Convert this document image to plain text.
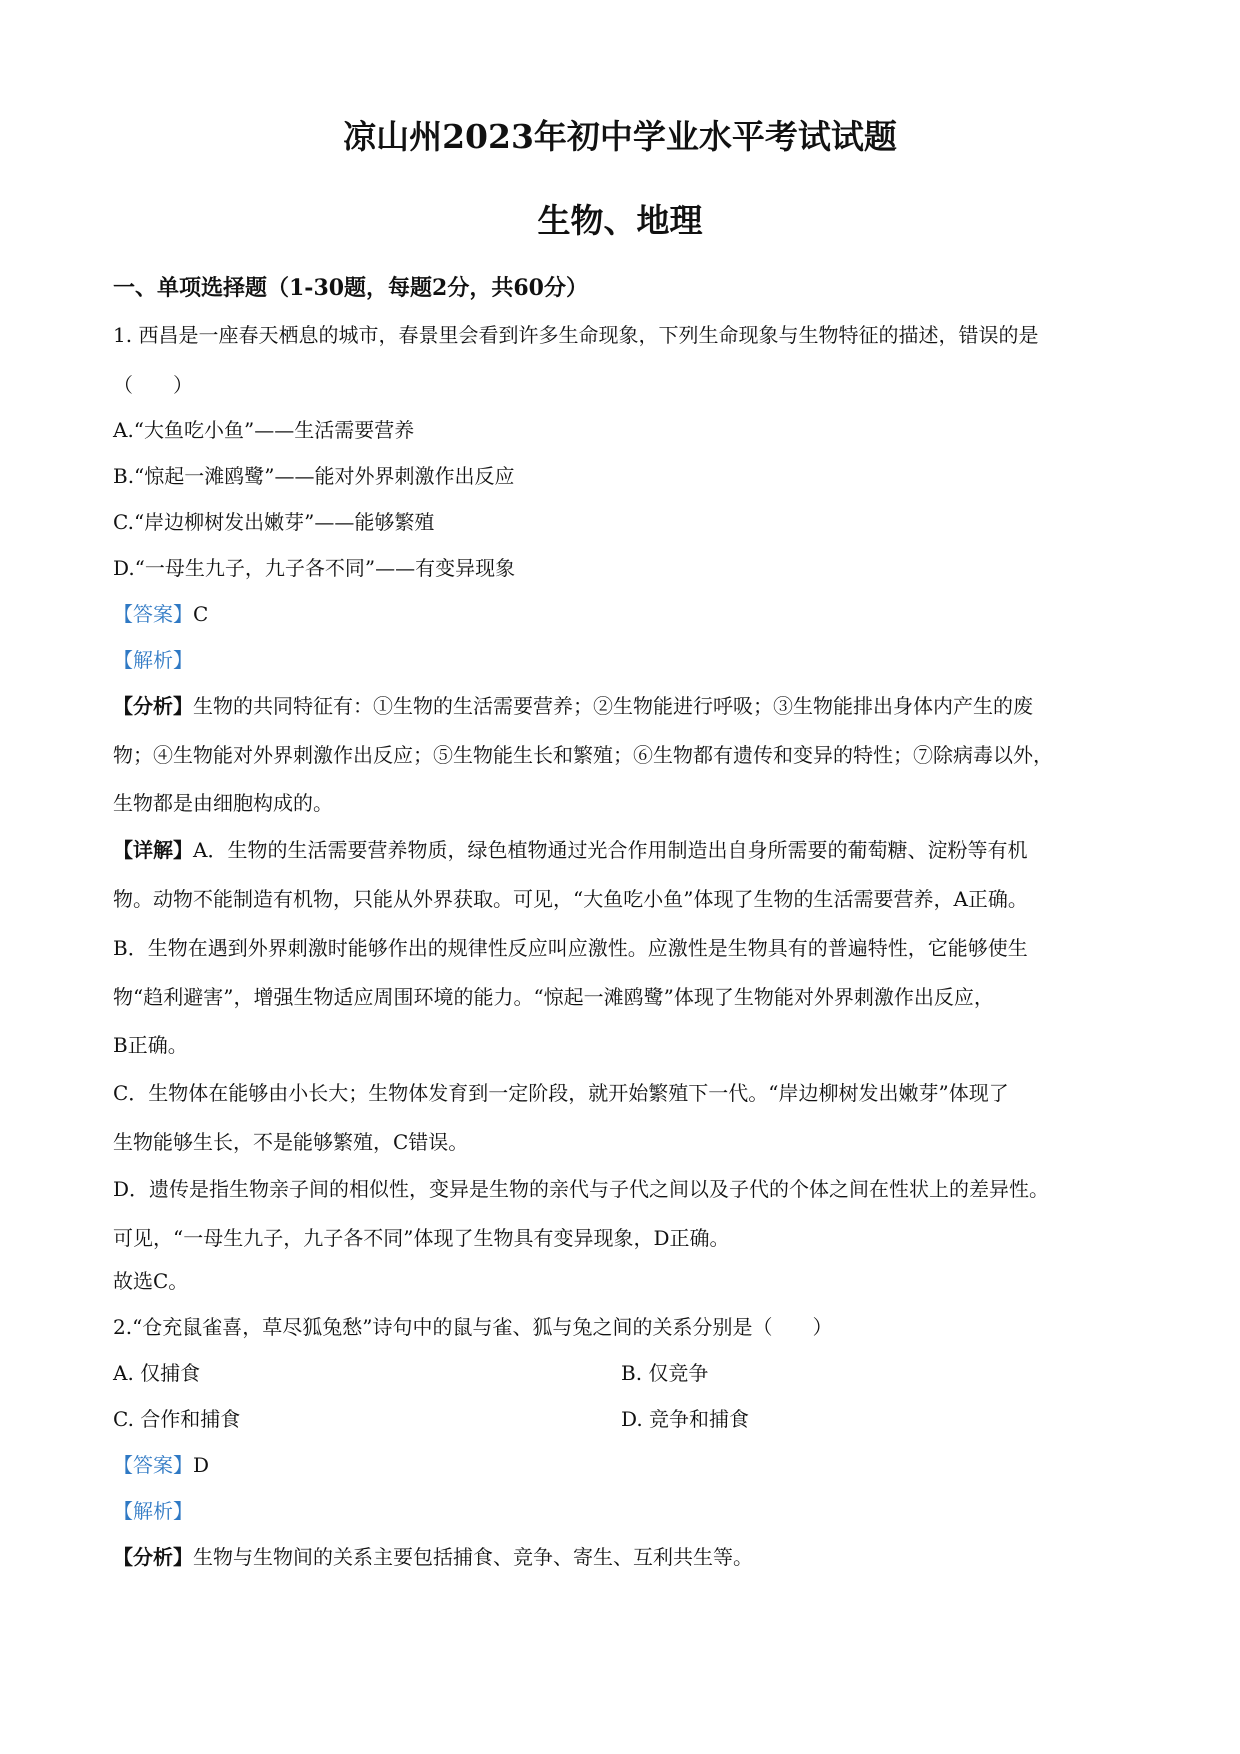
凉山州2023年初中学业水平考试试题
生物、地理
一、单项选择题（1-30题，每题2分，共60分）
1. 西昌是一座春天栖息的城市，春景里会看到许多生命现象，下列生命现象与生物特征的描述，错误的是
（　　）
A.“大鱼吃小鱼”——生活需要营养
B.“惊起一滩鸥鹭”——能对外界刺激作出反应
C.“岸边柳树发出嫩芽”——能够繁殖
D.“一母生九子，九子各不同”——有变异现象
【答案】C
【解析】
【分析】生物的共同特征有：①生物的生活需要营养；②生物能进行呼吸；③生物能排出身体内产生的废
物；④生物能对外界刺激作出反应；⑤生物能生长和繁殖；⑥生物都有遗传和变异的特性；⑦除病毒以外，
生物都是由细胞构成的。
【详解】A．生物的生活需要营养物质，绿色植物通过光合作用制造出自身所需要的葡萄糖、淀粉等有机
物。动物不能制造有机物，只能从外界获取。可见，“大鱼吃小鱼”体现了生物的生活需要营养，A正确。
B．生物在遇到外界刺激时能够作出的规律性反应叫应激性。应激性是生物具有的普遍特性，它能够使生
物“趋利避害”，增强生物适应周围环境的能力。“惊起一滩鸥鹭”体现了生物能对外界刺激作出反应，
B正确。
C．生物体在能够由小长大；生物体发育到一定阶段，就开始繁殖下一代。“岸边柳树发出嫩芽”体现了
生物能够生长，不是能够繁殖，C错误。
D．遗传是指生物亲子间的相似性，变异是生物的亲代与子代之间以及子代的个体之间在性状上的差异性。
可见，“一母生九子，九子各不同”体现了生物具有变异现象，D正确。
故选C。
2.“仓充鼠雀喜，草尽狐兔愁”诗句中的鼠与雀、狐与兔之间的关系分别是（　　）
A. 仅捕食	B. 仅竞争
C. 合作和捕食	D. 竞争和捕食
【答案】D
【解析】
【分析】生物与生物间的关系主要包括捕食、竞争、寄生、互利共生等。
